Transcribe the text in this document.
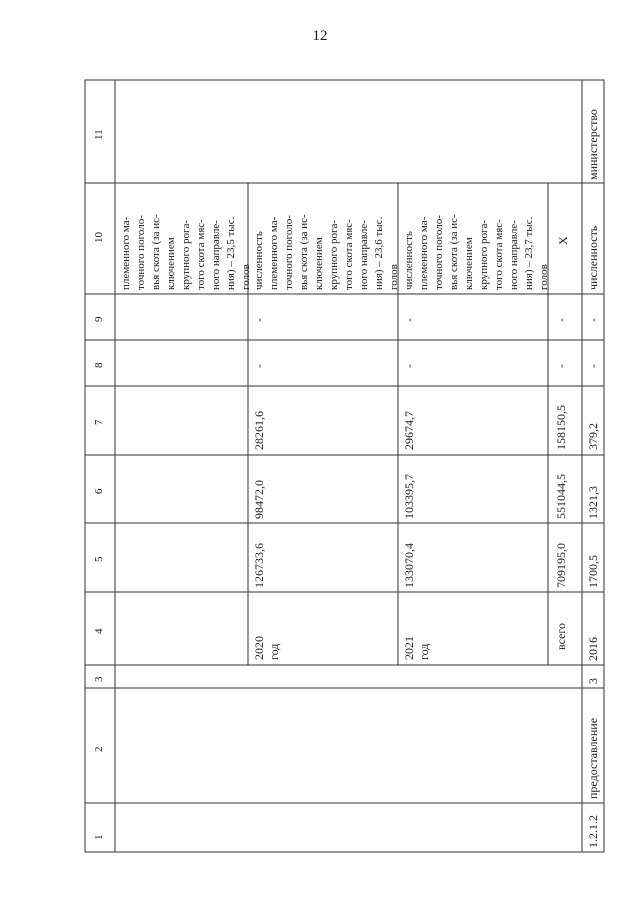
12
1
2
3
4
5
6
7
8
9
10
11
племенного ма-
точного поголо-
вья скота (за ис-
ключением
крупного рога-
того скота мяс-
ного направле-
ния) – 23,5 тыс.
голов
2020
год
126733,6
98472,0
28261,6
-
-
численность
племенного ма-
точного поголо-
вья скота (за ис-
ключением
крупного рога-
того скота мяс-
ного направле-
ния) – 23,6 тыс.
голов
2021
год
133070,4
103395,7
29674,7
-
-
численность
племенного ма-
точного поголо-
вья скота (за ис-
ключением
крупного рога-
того скота мяс-
ного направле-
ния) – 23,7 тыс.
голов
всего
709195,0
551044,5
158150,5
-
-
Х
1.2.1.2
предоставление
3
2016
1700,5
1321,3
379,2
-
-
численность
министерство
